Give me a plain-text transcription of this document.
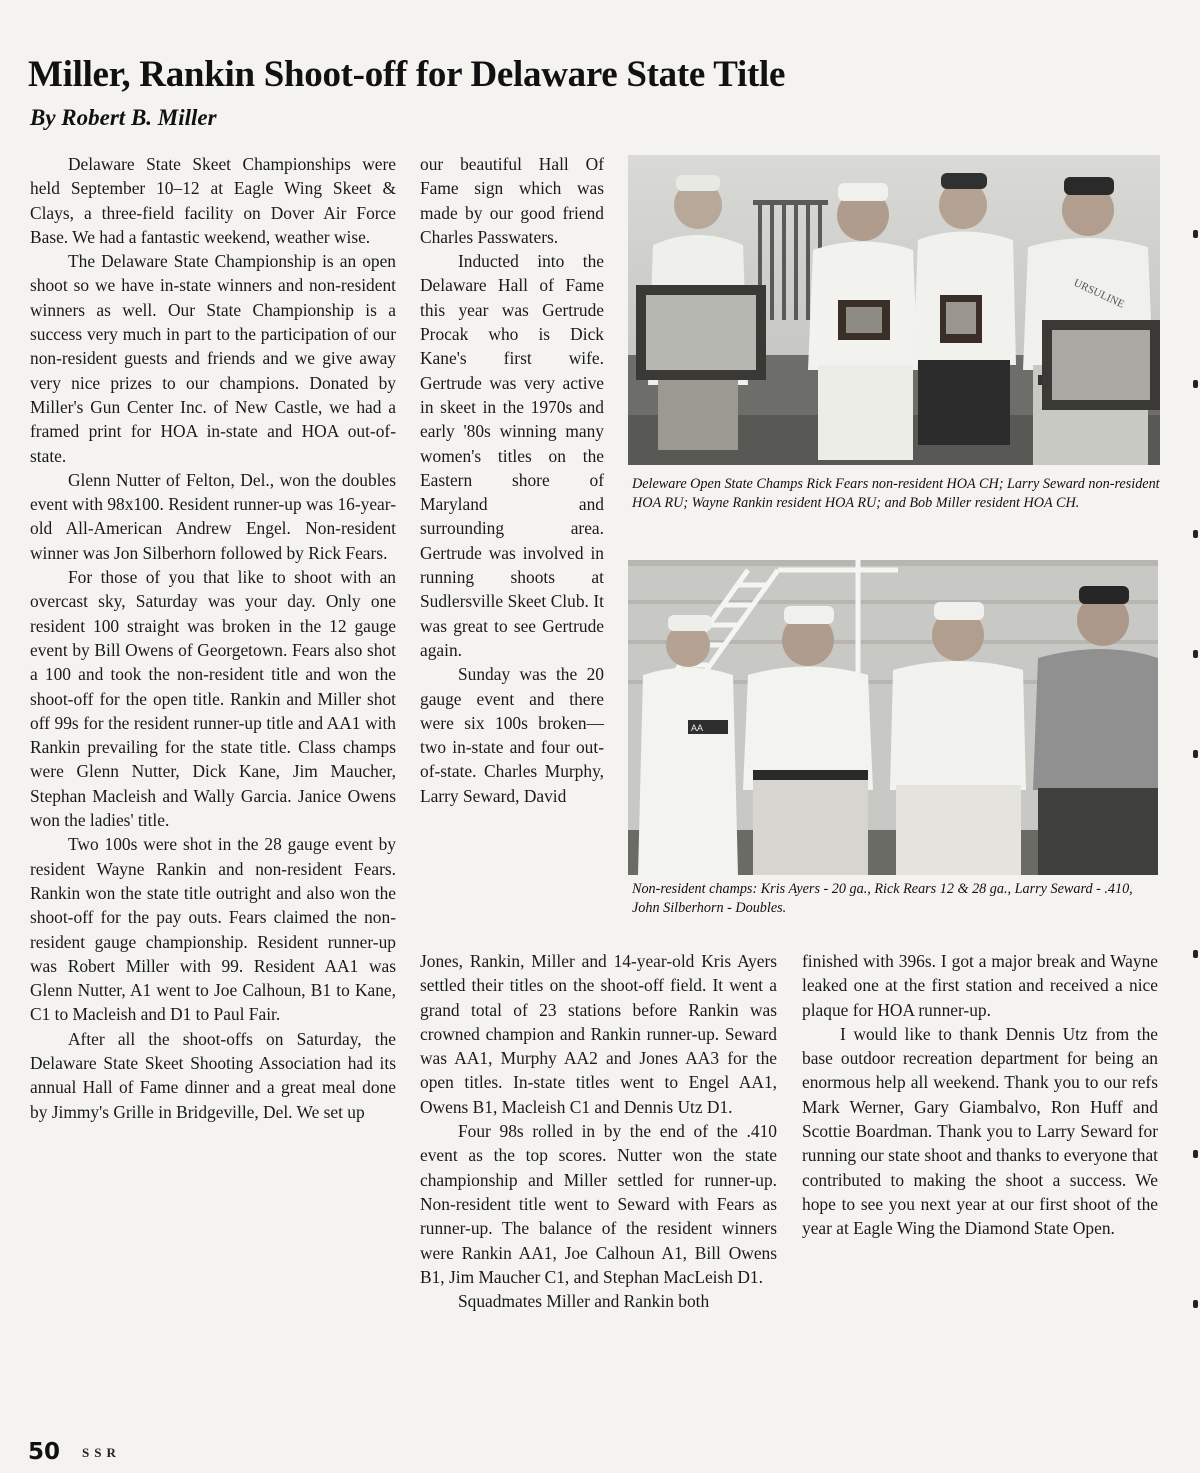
Miller, Rankin Shoot-off for Delaware State Title
By Robert B. Miller

Delaware State Skeet Championships were held September 10–12 at Eagle Wing Skeet & Clays, a three-field facility on Dover Air Force Base. We had a fantastic weekend, weather wise.

The Delaware State Championship is an open shoot so we have in-state winners and non-resident winners as well. Our State Championship is a success very much in part to the participation of our non-resident guests and friends and we give away very nice prizes to our champions. Donated by Miller's Gun Center Inc. of New Castle, we had a framed print for HOA in-state and HOA out-of-state.

Glenn Nutter of Felton, Del., won the doubles event with 98x100. Resident runner-up was 16-year-old All-American Andrew Engel. Non-resident winner was Jon Silberhorn followed by Rick Fears.

For those of you that like to shoot with an overcast sky, Saturday was your day. Only one resident 100 straight was broken in the 12 gauge event by Bill Owens of Georgetown. Fears also shot a 100 and took the non-resident title and won the shoot-off for the open title. Rankin and Miller shot off 99s for the resident runner-up title and AA1 with Rankin prevailing for the state title. Class champs were Glenn Nutter, Dick Kane, Jim Maucher, Stephan Macleish and Wally Garcia. Janice Owens won the ladies' title.

Two 100s were shot in the 28 gauge event by resident Wayne Rankin and non-resident Fears. Rankin won the state title outright and also won the shoot-off for the pay outs. Fears claimed the non-resident gauge championship. Resident runner-up was Robert Miller with 99. Resident AA1 was Glenn Nutter, A1 went to Joe Calhoun, B1 to Kane, C1 to Macleish and D1 to Paul Fair.

After all the shoot-offs on Saturday, the Delaware State Skeet Shooting Association had its annual Hall of Fame dinner and a great meal done by Jimmy's Grille in Bridgeville, Del. We set up

our beautiful Hall Of Fame sign which was made by our good friend Charles Passwaters.

Inducted into the Delaware Hall of Fame this year was Gertrude Procak who is Dick Kane's first wife. Gertrude was very active in skeet in the 1970s and early '80s winning many women's titles on the Eastern shore of Maryland and surrounding area. Gertrude was involved in running shoots at Sudlersville Skeet Club. It was great to see Gertrude again.

Sunday was the 20 gauge event and there were six 100s broken—two in-state and four out-of-state. Charles Murphy, Larry Seward, David

Jones, Rankin, Miller and 14-year-old Kris Ayers settled their titles on the shoot-off field. It went a grand total of 23 stations before Rankin was crowned champion and Rankin runner-up. Seward was AA1, Murphy AA2 and Jones AA3 for the open titles. In-state titles went to Engel AA1, Owens B1, Macleish C1 and Dennis Utz D1.

Four 98s rolled in by the end of the .410 event as the top scores. Nutter won the state championship and Miller settled for runner-up. Non-resident title went to Seward with Fears as runner-up. The balance of the resident winners were Rankin AA1, Joe Calhoun A1, Bill Owens B1, Jim Maucher C1, and Stephan MacLeish D1.

Squadmates Miller and Rankin both

finished with 396s. I got a major break and Wayne leaked one at the first station and received a nice plaque for HOA runner-up.

I would like to thank Dennis Utz from the base outdoor recreation department for being an enormous help all weekend. Thank you to our refs Mark Werner, Gary Giambalvo, Ron Huff and Scottie Boardman. Thank you to Larry Seward for running our state shoot and thanks to everyone that contributed to making the shoot a success. We hope to see you next year at our first shoot of the year at Eagle Wing the Diamond State Open.

URSULINE

Deleware Open State Champs Rick Fears non-resident HOA CH; Larry Seward non-resident HOA RU; Wayne Rankin resident HOA RU; and Bob Miller resident HOA CH.

AA

Non-resident champs: Kris Ayers - 20 ga., Rick Rears 12 & 28 ga., Larry Seward - .410, John Silberhorn - Doubles.

50 SSR
